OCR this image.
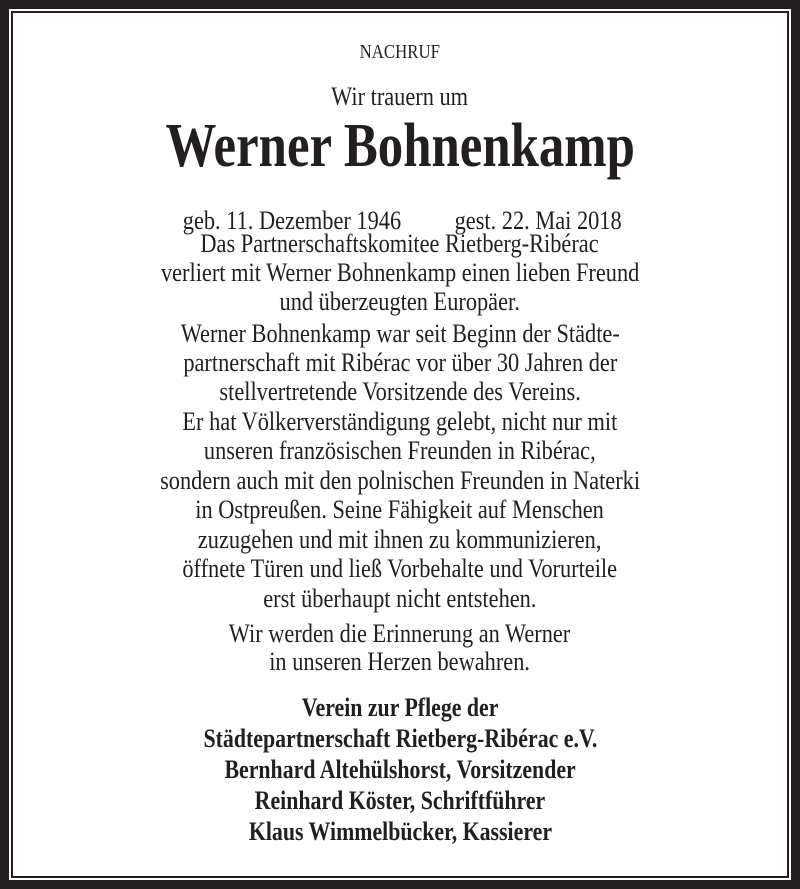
NACHRUF
Wir trauern um
Werner Bohnenkamp
geb. 11. Dezember 1946 gest. 22. Mai 2018
Das Partnerschaftskomitee Rietberg-Ribérac
verliert mit Werner Bohnenkamp einen lieben Freund
und überzeugten Europäer.
Werner Bohnenkamp war seit Beginn der Städte-
partnerschaft mit Ribérac vor über 30 Jahren der
stellvertretende Vorsitzende des Vereins.
Er hat Völkerverständigung gelebt, nicht nur mit
unseren französischen Freunden in Ribérac,
sondern auch mit den polnischen Freunden in Naterki
in Ostpreußen. Seine Fähigkeit auf Menschen
zuzugehen und mit ihnen zu kommunizieren,
öffnete Türen und ließ Vorbehalte und Vorurteile
erst überhaupt nicht entstehen.
Wir werden die Erinnerung an Werner
in unseren Herzen bewahren.
Verein zur Pflege der
Städtepartnerschaft Rietberg-Ribérac e.V.
Bernhard Altehülshorst, Vorsitzender
Reinhard Köster, Schriftführer
Klaus Wimmelbücker, Kassierer
